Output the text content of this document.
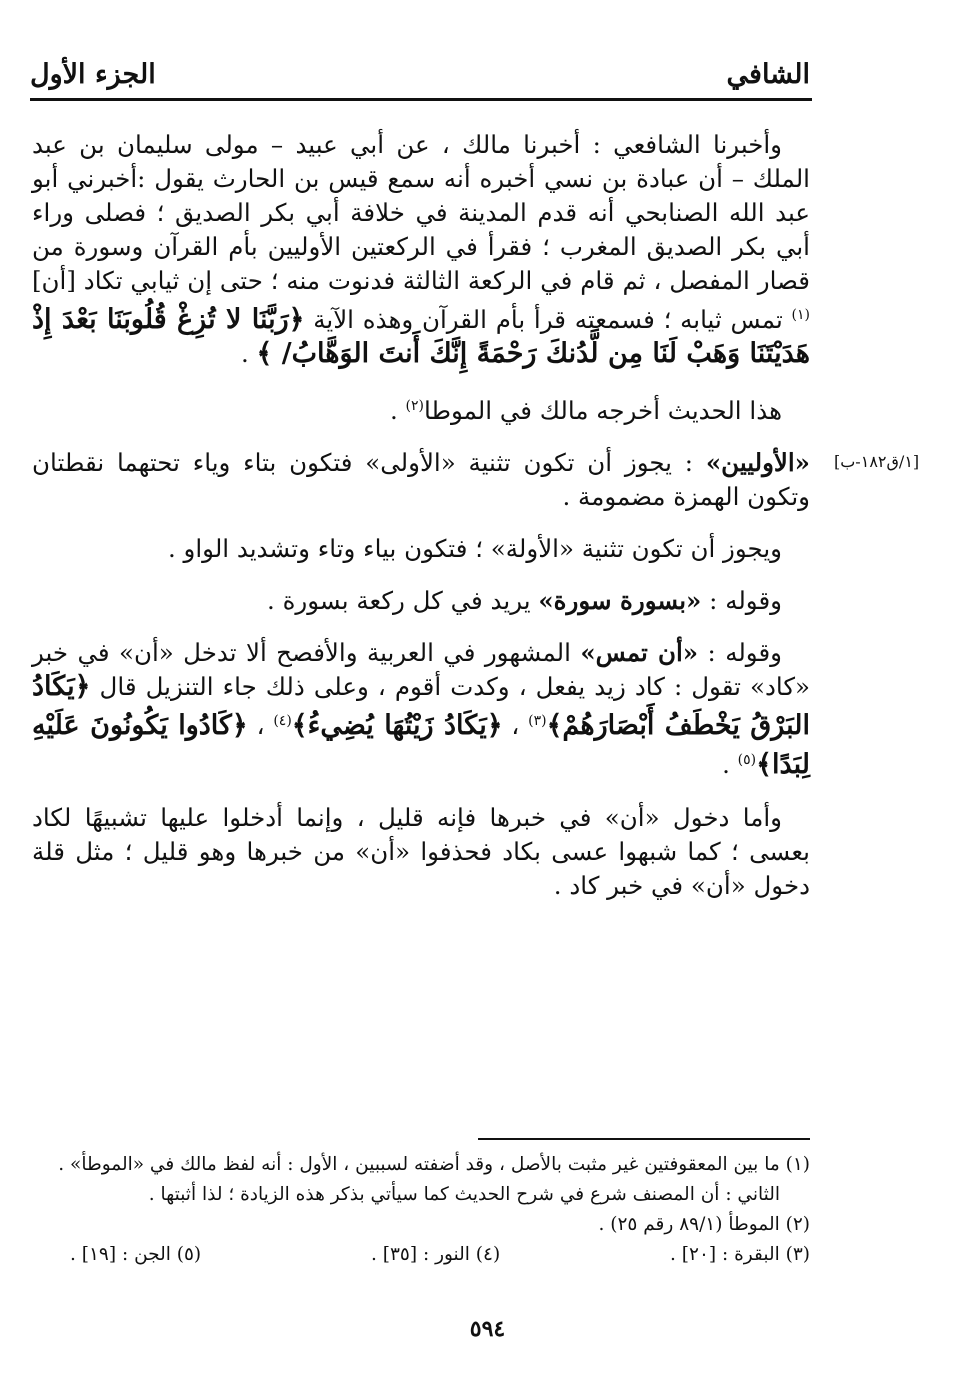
الشافي
الجزء الأول
[١/ق١٨٢-ب]

وأخبرنا الشافعي : أخبرنا مالك ، عن أبي عبيد – مولى سليمان بن عبد الملك – أن عبادة بن نسي أخبره أنه سمع قيس بن الحارث يقول :أخبرني أبو عبد الله الصنابحي أنه قدم المدينة في خلافة أبي بكر الصديق ؛ فصلى وراء أبي بكر الصديق المغرب ؛ فقرأ في الركعتين الأوليين بأم القرآن وسورة من قصار المفصل ، ثم قام في الركعة الثالثة فدنوت منه ؛ حتى إن ثيابي تكاد [أن]$^{(١)}$ تمس ثيابه ؛ فسمعته قرأ بأم القرآن وهذه الآية ﴿رَبَّنَا لا تُزِغْ قُلُوبَنَا بَعْدَ إِذْ هَدَيْتَنَا وَهَبْ لَنَا مِن لَّدُنكَ رَحْمَةً إِنَّكَ أَنتَ الوَهَّابُ/ ﴾ .

هذا الحديث أخرجه مالك في الموطا$^{(٢)}$ .

«الأوليين» : يجوز أن تكون تثنية «الأولى» فتكون بتاء وياء تحتهما نقطتان وتكون الهمزة مضمومة .

ويجوز أن تكون تثنية «الأولة» ؛ فتكون بياء وتاء وتشديد الواو .

وقوله : «بسورة سورة» يريد في كل ركعة بسورة .

وقوله : «أن تمس» المشهور في العربية والأفصح ألا تدخل «أن» في خبر «كاد» تقول : كاد زيد يفعل ، وكدت أقوم ، وعلى ذلك جاء التنزيل قال ﴿يَكَادُ البَرْقُ يَخْطَفُ أَبْصَارَهُمْ﴾$^{(٣)}$ ، ﴿يَكَادُ زَيْتُهَا يُضِيءُ﴾$^{(٤)}$ ، ﴿كَادُوا يَكُونُونَ عَلَيْهِ لِبَدًا﴾$^{(٥)}$ .

وأما دخول «أن» في خبرها فإنه قليل ، وإنما أدخلوا عليها تشبيهًا لكاد بعسى ؛ كما شبهوا عسى بكاد فحذفوا «أن» من خبرها وهو قليل ؛ مثل قلة دخول «أن» في خبر كاد .

(١) ما بين المعقوفتين غير مثبت بالأصل ، وقد أضفته لسببين ، الأول : أنه لفظ مالك في «الموطأ» .
الثاني : أن المصنف شرع في شرح الحديث كما سيأتي بذكر هذه الزيادة ؛ لذا أثبتها .
(٢) الموطأ (٨٩/١ رقم ٢٥) .
(٣) البقرة : [٢٠] .
(٤) النور : [٣٥] .
(٥) الجن : [١٩] .
٥٩٤
